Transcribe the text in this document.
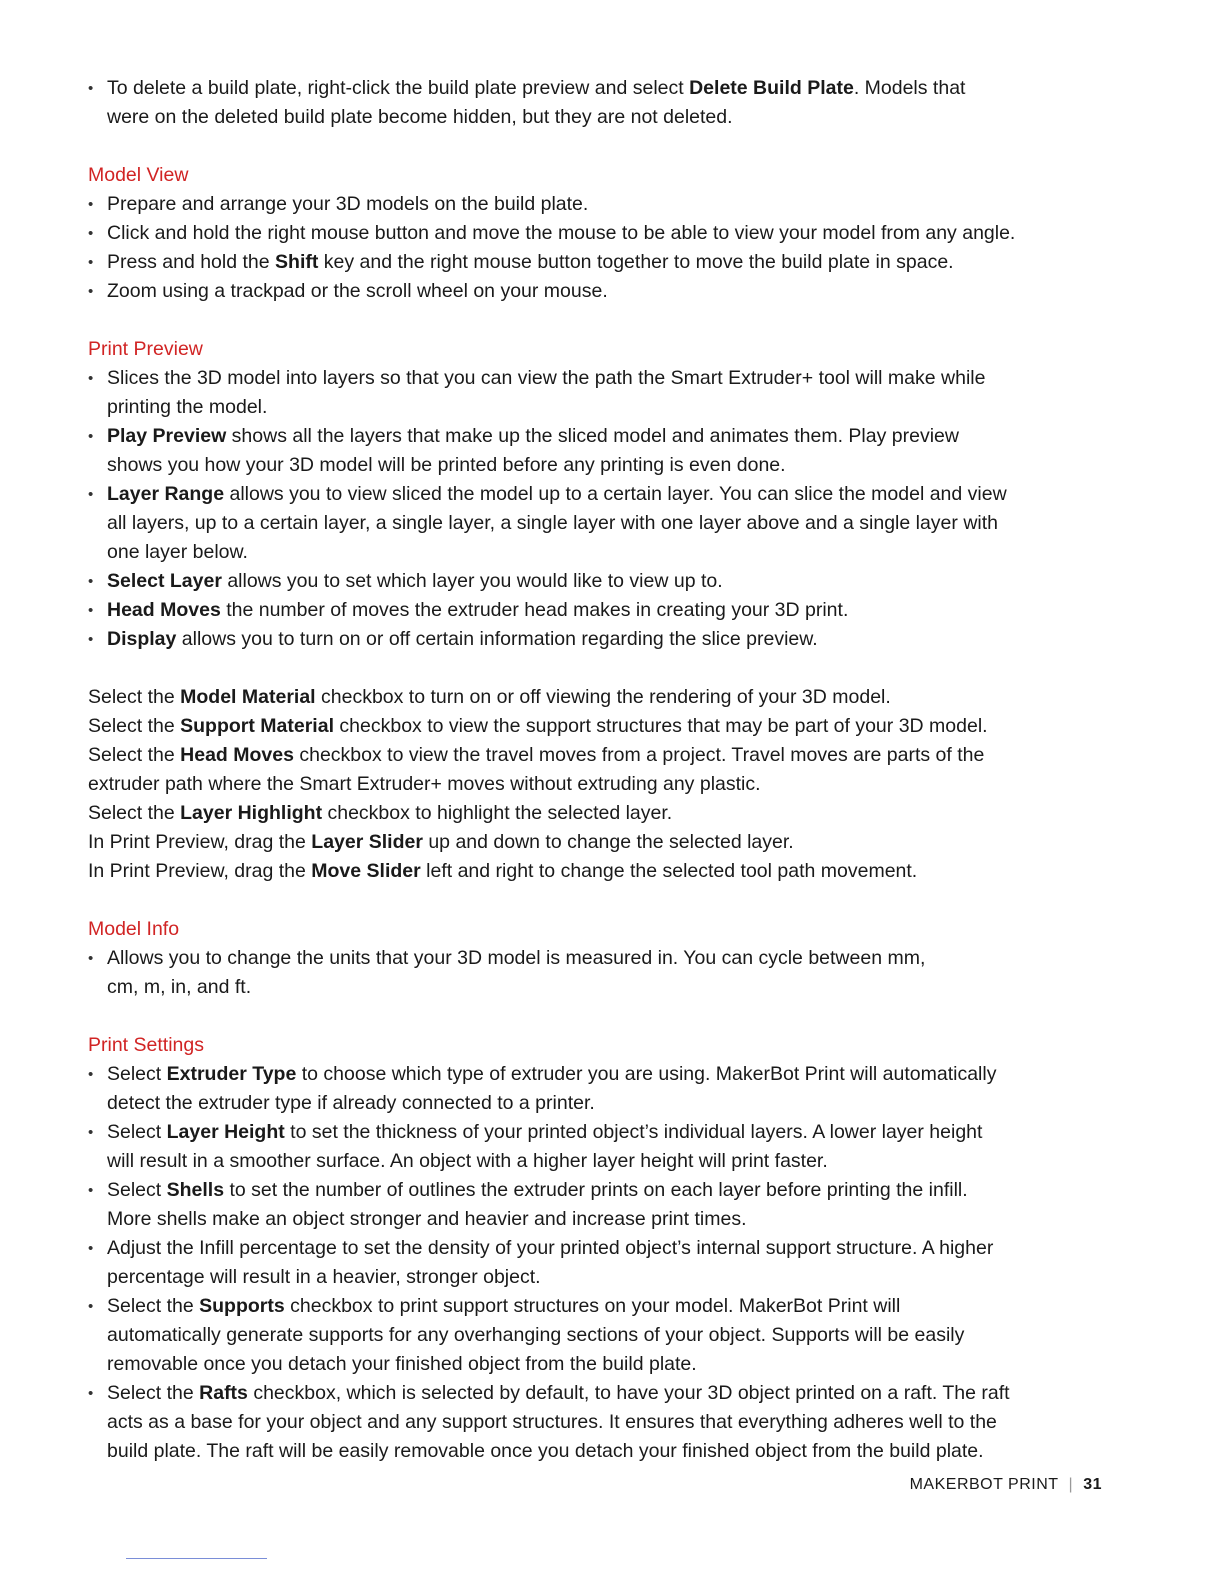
• To delete a build plate, right-click the build plate preview and select Delete Build Plate. Models that
were on the deleted build plate become hidden, but they are not deleted.
Model View
• Prepare and arrange your 3D models on the build plate.
• Click and hold the right mouse button and move the mouse to be able to view your model from any angle.
• Press and hold the Shift key and the right mouse button together to move the build plate in space.
• Zoom using a trackpad or the scroll wheel on your mouse.
Print Preview
• Slices the 3D model into layers so that you can view the path the Smart Extruder+ tool will make while
printing the model.
• Play Preview shows all the layers that make up the sliced model and animates them. Play preview
shows you how your 3D model will be printed before any printing is even done.
• Layer Range allows you to view sliced the model up to a certain layer. You can slice the model and view
all layers, up to a certain layer, a single layer, a single layer with one layer above and a single layer with
one layer below.
• Select Layer allows you to set which layer you would like to view up to.
• Head Moves the number of moves the extruder head makes in creating your 3D print.
• Display allows you to turn on or off certain information regarding the slice preview.
Select the Model Material checkbox to turn on or off viewing the rendering of your 3D model.
Select the Support Material checkbox to view the support structures that may be part of your 3D model.
Select the Head Moves checkbox to view the travel moves from a project. Travel moves are parts of the
extruder path where the Smart Extruder+ moves without extruding any plastic.
Select the Layer Highlight checkbox to highlight the selected layer.
In Print Preview, drag the Layer Slider up and down to change the selected layer.
In Print Preview, drag the Move Slider left and right to change the selected tool path movement.
Model Info
• Allows you to change the units that your 3D model is measured in. You can cycle between mm,
cm, m, in, and ft.
Print Settings
• Select Extruder Type to choose which type of extruder you are using. MakerBot Print will automatically
detect the extruder type if already connected to a printer.
• Select Layer Height to set the thickness of your printed object’s individual layers. A lower layer height
will result in a smoother surface. An object with a higher layer height will print faster.
• Select Shells to set the number of outlines the extruder prints on each layer before printing the infill.
More shells make an object stronger and heavier and increase print times.
• Adjust the Infill percentage to set the density of your printed object’s internal support structure. A higher
percentage will result in a heavier, stronger object.
• Select the Supports checkbox to print support structures on your model. MakerBot Print will
automatically generate supports for any overhanging sections of your object. Supports will be easily
removable once you detach your finished object from the build plate.
• Select the Rafts checkbox, which is selected by default, to have your 3D object printed on a raft. The raft
acts as a base for your object and any support structures. It ensures that everything adheres well to the
build plate. The raft will be easily removable once you detach your finished object from the build plate.
MAKERBOT PRINT | 31
